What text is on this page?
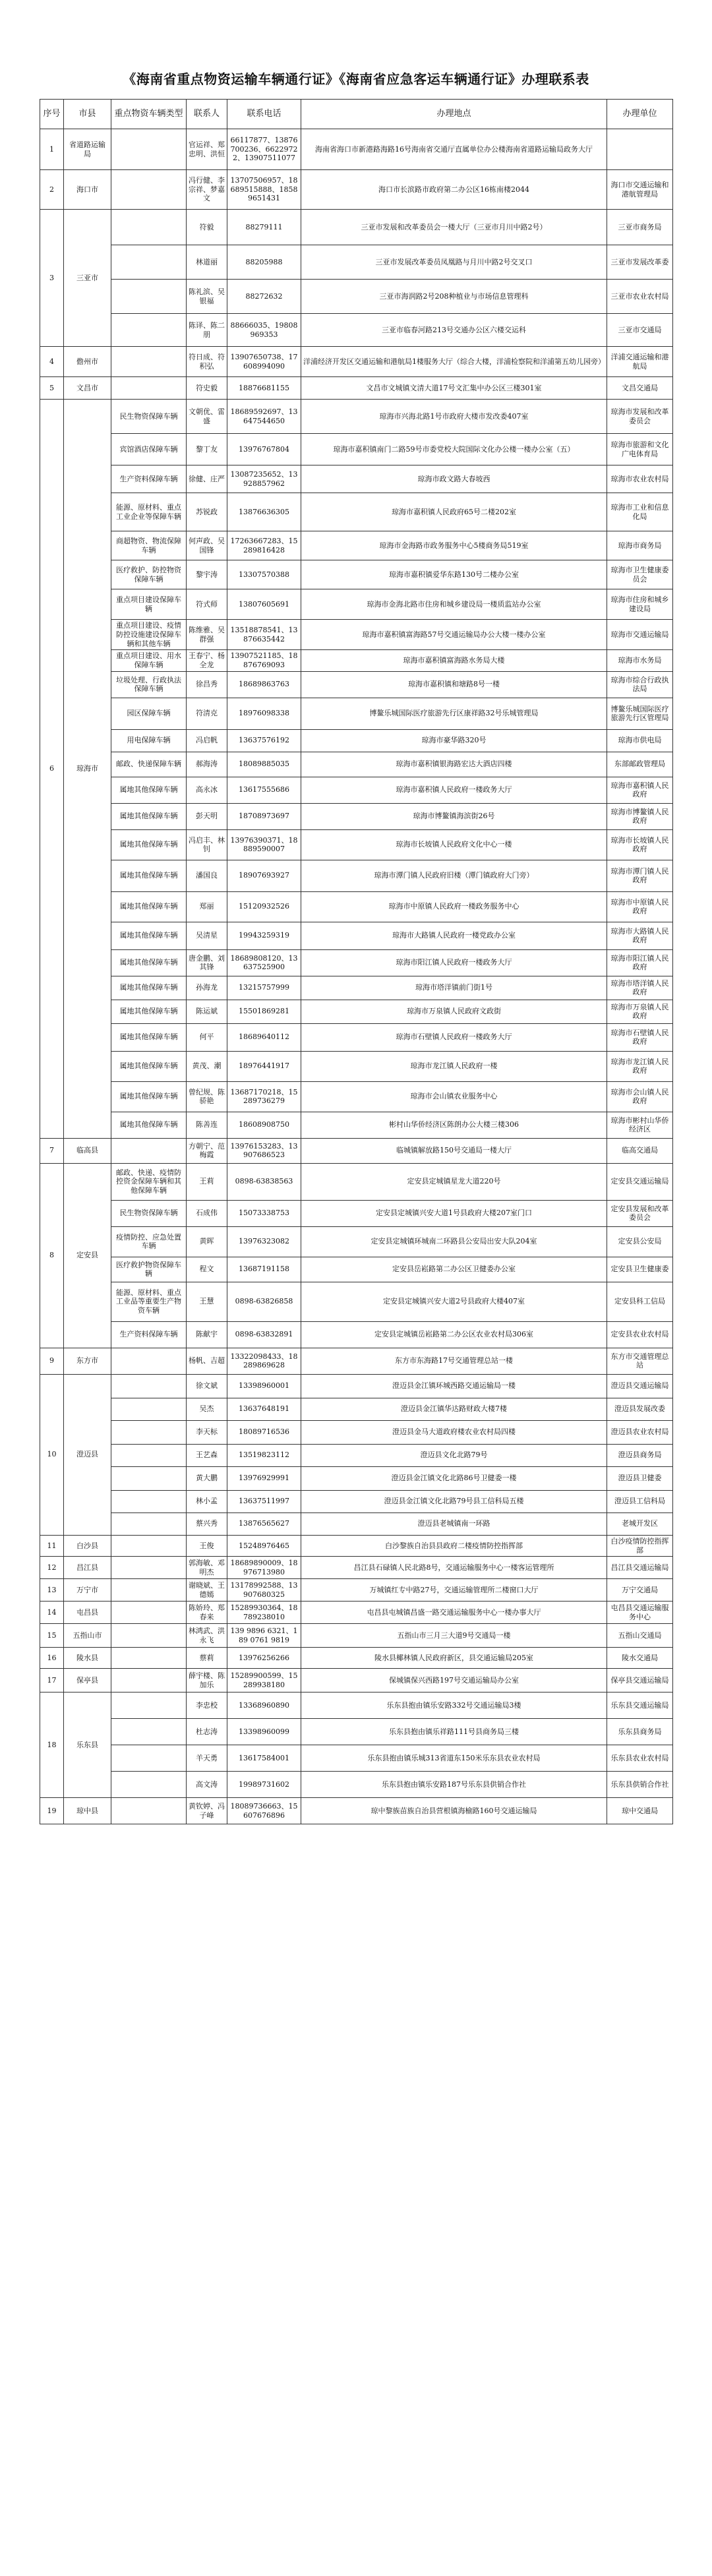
《海南省重点物资运输车辆通行证》《海南省应急客运车辆通行证》办理联系表
序号	市县	重点物资车辆类型	联系人	联系电话	办理地点	办理单位
1	省道路运输局		官运祥、郑忠明、洪恒	66117877、13876700236、66229722、13907511077	海南省海口市新港路海路16号海南省交通厅直属单位办公楼海南省道路运输局政务大厅	
2	海口市		冯行健、李宗祥、梦嘉文	13707506957、18689515888、18589651431	海口市长滨路市政府第二办公区16栋南楼2044	海口市交通运输和港航管理局
3	三亚市		符毅	88279111	三亚市发展和改革委员会一楼大厅（三亚市月川中路2号）	三亚市商务局
			林道丽	88205988	三亚市发展改革委员凤凰路与月川中路2号交叉口	三亚市发展改革委
			陈礼滨、吴银福	88272632	三亚市海润路2号208种植业与市场信息管理科	三亚市农业农村局
			陈译、陈二朋	88666035、19808969353	三亚市临春河路213号交通办公区六楼交运科	三亚市交通局
4	儋州市		符日成、符积弘	13907650738、17608994090	洋浦经济开发区交通运输和港航局1楼服务大厅（综合大楼，洋浦检察院和洋浦第五幼儿园旁）	洋浦交通运输和港航局
5	文昌市		符史毅	18876681155	文昌市文城镇文清大道17号文汇集中办公区三楼301室	文昌交通局
6	琼海市	民生物资保障车辆	文朝优、雷盛	18689592697、13647544650	琼海市兴海北路1号市政府大楼市发改委407室	琼海市发展和改革委员会
		宾馆酒店保障车辆	黎丁友	13976767804	琼海市嘉积镇南门二路59号市委党校大院国际文化办公楼一楼办公室（五）	琼海市旅游和文化广电体育局
		生产资料保障车辆	徐健、庄严	13087235652、13928857962	琼海市政文路大春坡西	琼海市农业农村局
		能源、原材料、重点工业企业等保障车辆	苏锐政	13876636305	琼海市嘉积镇人民政府65号二楼202室	琼海市工业和信息化局
		商超物资、物流保障车辆	何声政、吴国锋	17263667283、15289816428	琼海市金海路市政务服务中心5楼商务局519室	琼海市商务局
		医疗救护、防控物资保障车辆	黎宇涛	13307570388	琼海市嘉积镇爱华东路130号二楼办公室	琼海市卫生健康委员会
		重点项目建设保障车辆	符式师	13807605691	琼海市金海北路市住房和城乡建设局一楼质监站办公室	琼海市住房和城乡建设局
		重点项目建设、疫情防控设施建设保障车辆和其他车辆	陈维雅、吴群强	13518878541、13876635442	琼海市嘉积镇富海路57号交通运输局办公大楼一楼办公室	琼海市交通运输局
		重点项目建设、用水保障车辆	王春宁、杨全龙	13907521185、18876769093	琼海市嘉积镇富海路水务局大楼	琼海市水务局
		垃圾处理、行政执法保障车辆	徐昌秀	18689863763	琼海市嘉积镇和塘路8号一楼	琼海市综合行政执法局
		园区保障车辆	符清克	18976098338	博鳌乐城国际医疗旅游先行区康祥路32号乐城管理局	博鳌乐城国际医疗旅游先行区管理局
		用电保障车辆	冯启帆	13637576192	琼海市豪华路320号	琼海市供电局
		邮政、快递保障车辆	郝海涛	18089885035	琼海市嘉积镇银海路宏达大酒店四楼	东部邮政管理局
		属地其他保障车辆	高永冰	13617555686	琼海市嘉积镇人民政府一楼政务大厅	琼海市嘉积镇人民政府
		属地其他保障车辆	彭天明	18708973697	琼海市博鳌镇海滨街26号	琼海市博鳌镇人民政府
		属地其他保障车辆	冯启丰、林钊	13976390371、18889590007	琼海市长坡镇人民政府文化中心一楼	琼海市长坡镇人民政府
		属地其他保障车辆	潘国良	18907693927	琼海市潭门镇人民政府旧楼（潭门镇政府大门旁）	琼海市潭门镇人民政府
		属地其他保障车辆	郑丽	15120932526	琼海市中原镇人民政府一楼政务服务中心	琼海市中原镇人民政府
		属地其他保障车辆	吴清星	19943259319	琼海市大路镇人民政府一楼党政办公室	琼海市大路镇人民政府
		属地其他保障车辆	唐金鹏、刘其锋	18689808120、13637525900	琼海市阳江镇人民政府一楼政务大厅	琼海市阳江镇人民政府
		属地其他保障车辆	孙海龙	13215757999	琼海市塔洋镇前门街1号	琼海市塔洋镇人民政府
		属地其他保障车辆	陈运斌	15501869281	琼海市万泉镇人民政府文政街	琼海市万泉镇人民政府
		属地其他保障车辆	何平	18689640112	琼海市石壁镇人民政府一楼政务大厅	琼海市石壁镇人民政府
		属地其他保障车辆	黄茂、潮	18976441917	琼海市龙江镇人民政府一楼	琼海市龙江镇人民政府
		属地其他保障车辆	曾纪规、陈骄艳	13687170218、15289736279	琼海市会山镇农业服务中心	琼海市会山镇人民政府
		属地其他保障车辆	陈善连	18608908750	彬村山华侨经济区陈朗办公大楼三楼306	琼海市彬村山华侨经济区
7	临高县		方朝宁、范梅霞	13976153283、13907686523	临城镇解放路150号交通局一楼大厅	临高交通局
8	定安县	邮政、快递、疫情防控资金保障车辆和其他保障车辆	王莉	0898-63838563	定安县定城镇星龙大道220号	定安县交通运输局
		民生物资保障车辆	石成伟	15073338753	定安县定城镇兴安大道1号县政府大楼207室门口	定安县发展和改革委员会
		疫情防控、应急处置车辆	黄晖	13976323082	定安县定城镇环城南二环路县公安局出安大队204室	定安县公安局
		医疗救护物资保障车辆	程文	13687191158	定安县岳崧路第二办公区卫健委办公室	定安县卫生健康委
		能源、原材料、重点工业品等重要生产物资车辆	王慧	0898-63826858	定安县定城镇兴安大道2号县政府大楼407室	定安县科工信局
		生产资料保障车辆	陈献宇	0898-63832891	定安县定城镇岳崧路第二办公区农业农村局306室	定安县农业农村局
9	东方市		杨帆、吉超	13322098433、18289869628	东方市东海路17号交通管理总站一楼	东方市交通管理总站
10	澄迈县		徐文斌	13398960001	澄迈县金江镇环城西路交通运输局一楼	澄迈县交通运输局
			吴杰	13637648191	澄迈县金江镇华达路财政大楼7楼	澄迈县发展改委
			李天标	18089716536	澄迈县金马大道政府楼农业农村局四楼	澄迈县农业农村局
			王艺森	13519823112	澄迈县文化北路79号	澄迈县商务局
			黄大鹏	13976929991	澄迈县金江镇文化北路86号卫健委一楼	澄迈县卫健委
			林小孟	13637511997	澄迈县金江镇文化北路79号县工信科局五楼	澄迈县工信科局
			蔡兴秀	13876565627	澄迈县老城镇南一环路	老城开发区
11	白沙县		王俊	15248976465	白沙黎族自治县县政府二楼疫情防控指挥部	白沙疫情防控指挥部
12	昌江县		郭海敏、邓明杰	18689890009、18976713980	昌江县石碌镇人民北路8号，交通运输服务中心一楼客运管理所	昌江县交通运输局
13	万宁市		谢晓斌、王德嫣	13178992588、13907680325	万城镇红专中路27号，交通运输管理所二楼窗口大厅	万宁交通局
14	屯昌县		陈娇玲、郑春来	15289930364、18789238010	屯昌县屯城镇昌盛一路交通运输服务中心一楼办事大厅	屯昌县交通运输服务中心
15	五指山市		林鸿武、洪永飞	139 9896 6321、189 0761 9819	五指山市三月三大道9号交通局一楼	五指山交通局
16	陵水县		蔡莉	13976256266	陵水县椰林镇人民政府新区，县交通运输局205室	陵水交通局
17	保亭县		薛宇楼、陈加乐	15289900599、15289938180	保城镇保兴西路197号交通运输局办公室	保亭县交通运输局
18	乐东县		李忠校	13368960890	乐东县抱由镇乐安路332号交通运输局3楼	乐东县交通运输局
			杜志涛	13398960099	乐东县抱由镇乐祥路111号县商务局三楼	乐东县商务局
			羊天勇	13617584001	乐东县抱由镇乐城313省道东150米乐东县农业农村局	乐东县农业农村局
			高文涛	19989731602	乐东县抱由镇乐安路187号乐东县供销合作社	乐东县供销合作社
19	琼中县		黄钦婷、冯子峰	18089736663、15607676896	琼中黎族苗族自治县营根镇海榆路160号交通运输局	琼中交通局
